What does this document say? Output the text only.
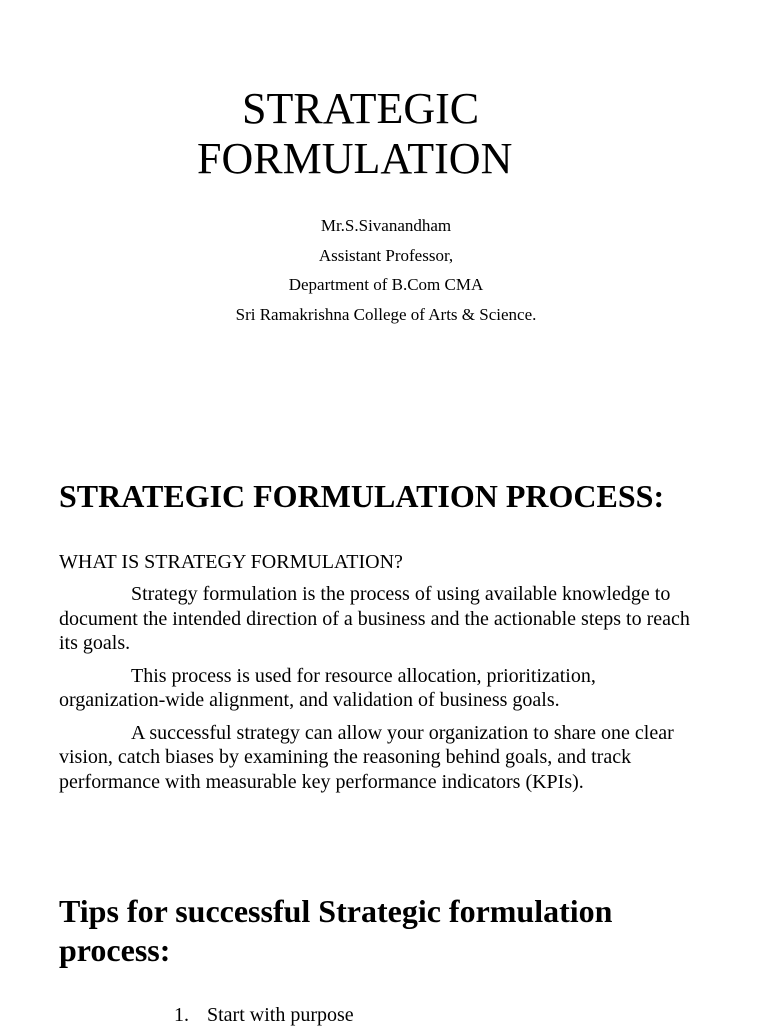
STRATEGIC
FORMULATION
Mr.S.Sivanandham
Assistant Professor,
Department of B.Com CMA
Sri Ramakrishna College of Arts & Science.
STRATEGIC FORMULATION PROCESS:
WHAT IS STRATEGY FORMULATION?

Strategy formulation is the process of using available knowledge to document the intended direction of a business and the actionable steps to reach its goals.

This process is used for resource allocation, prioritization, organization-wide alignment, and validation of business goals.

A successful strategy can allow your organization to share one clear vision, catch biases by examining the reasoning behind goals, and track performance with measurable key performance indicators (KPIs).

Tips for successful Strategic formulation process:
1. Start with purpose
